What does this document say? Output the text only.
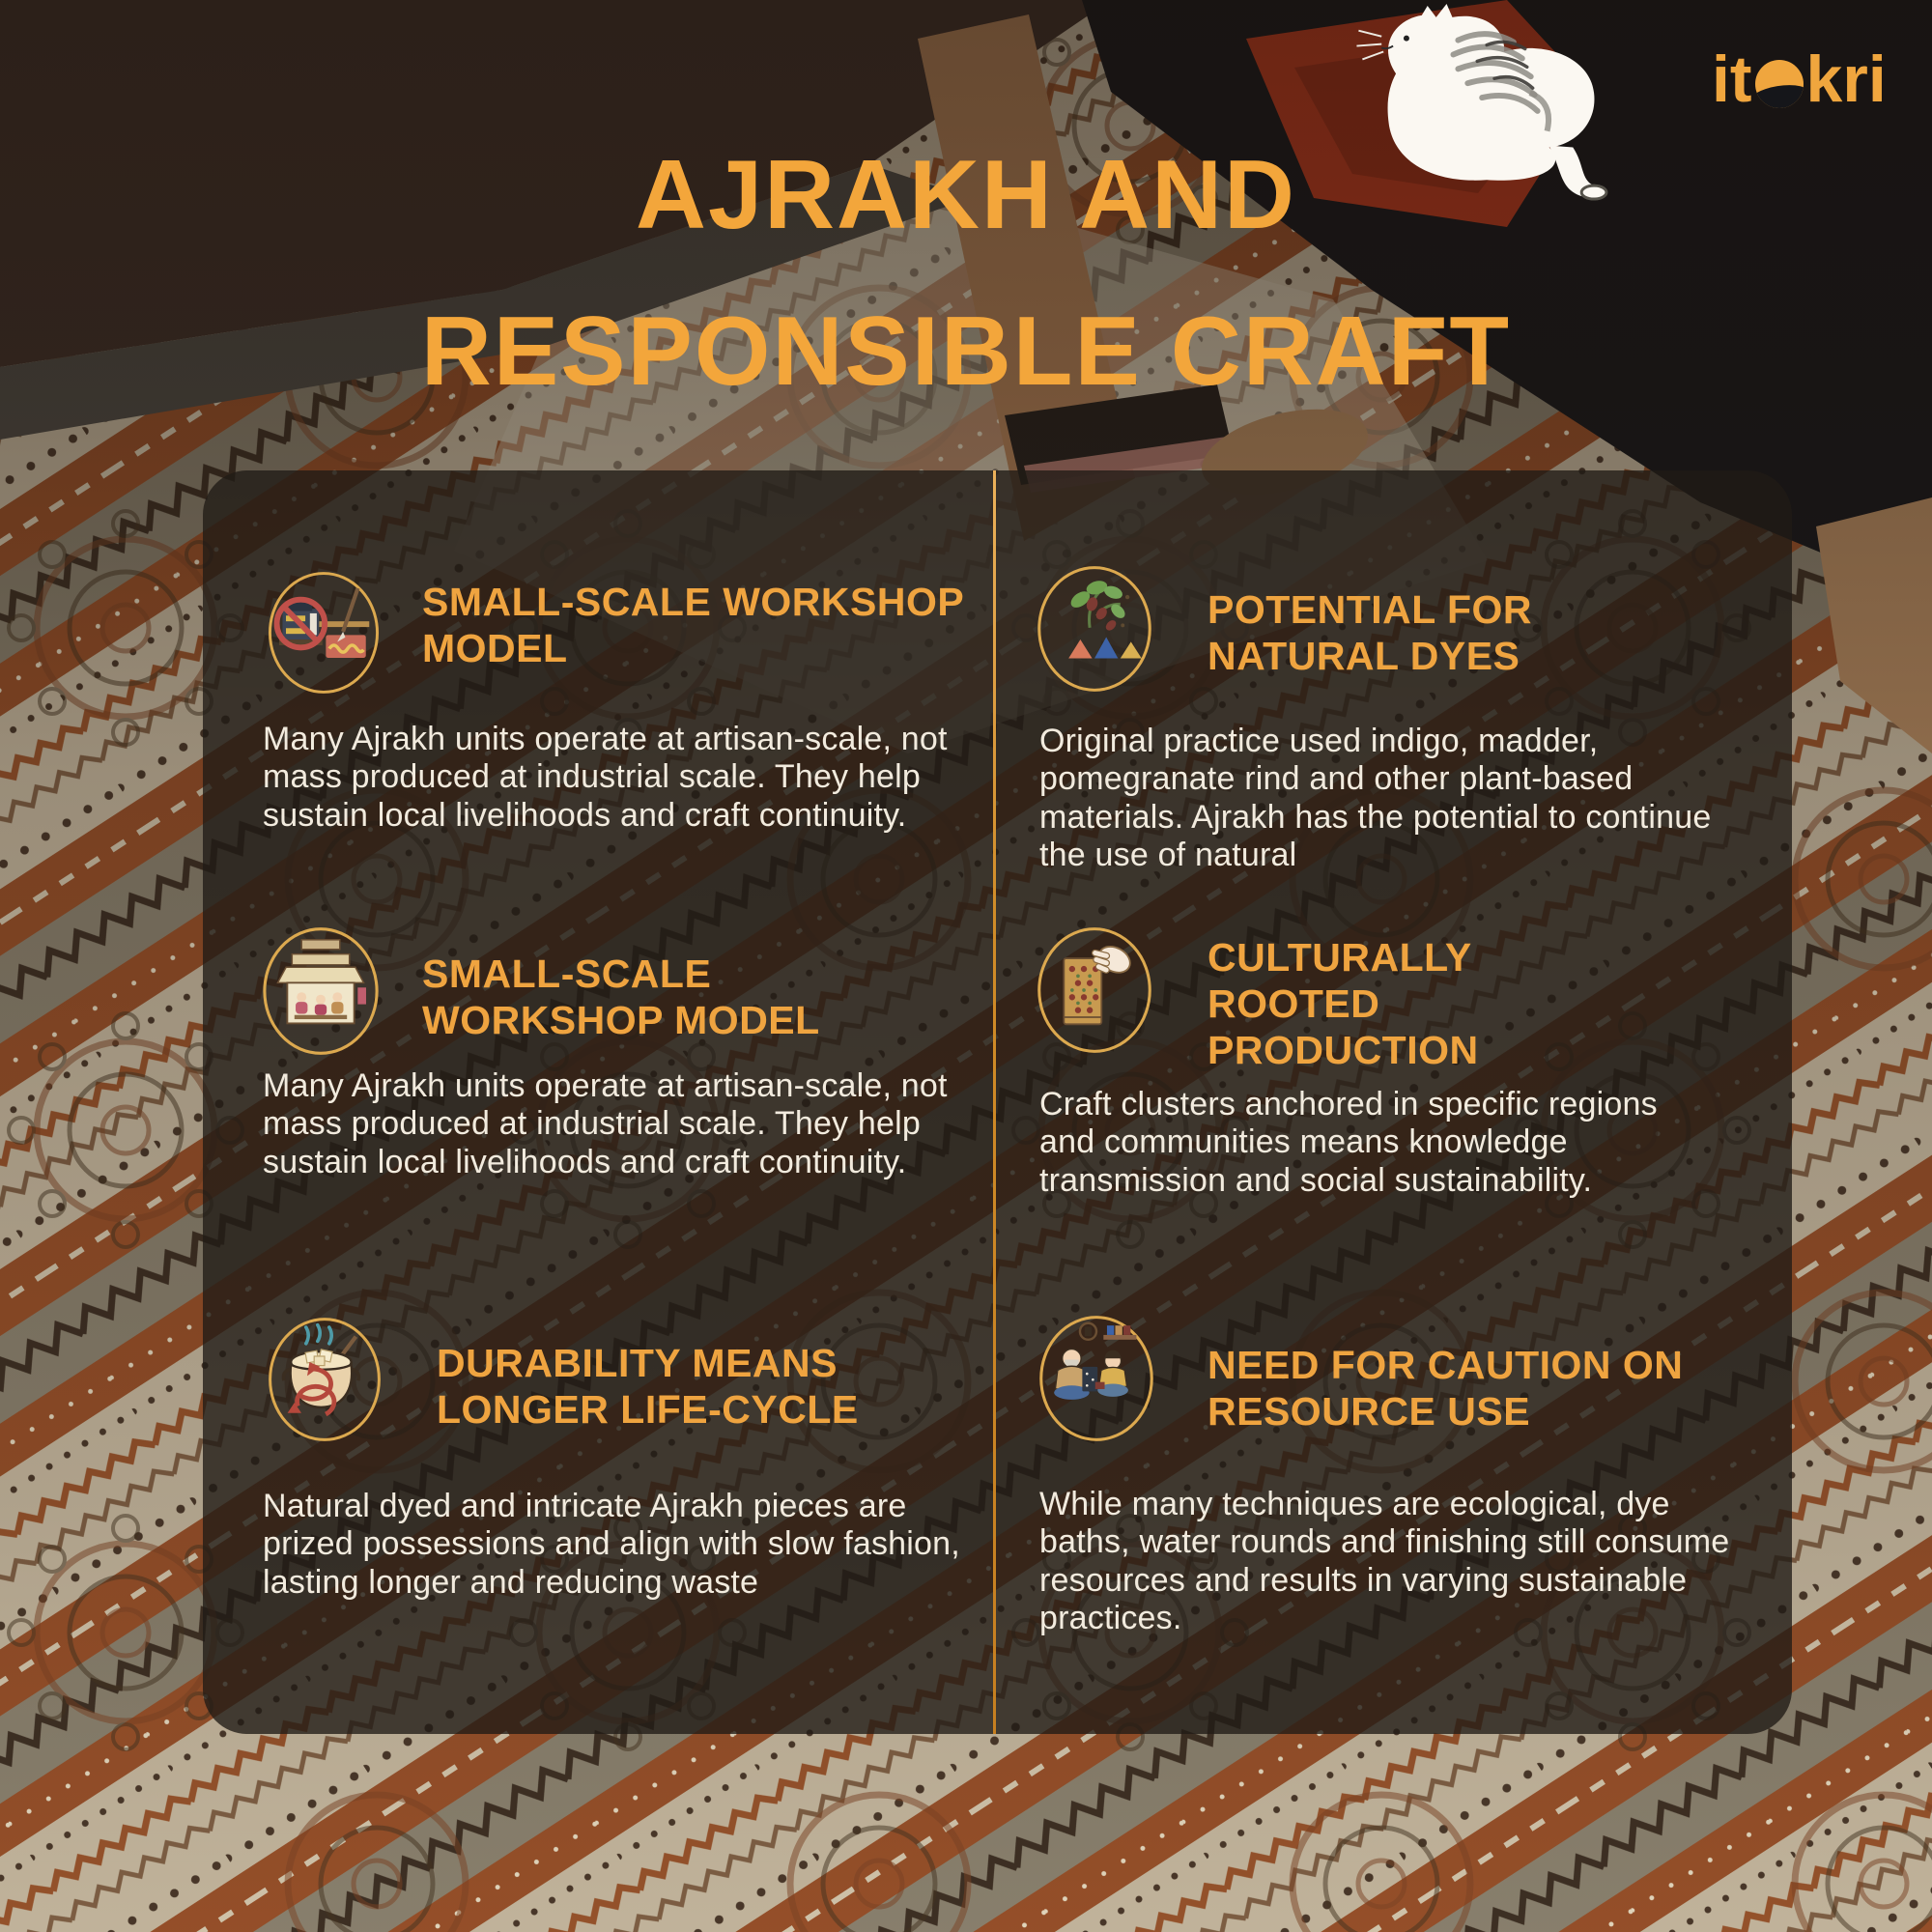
it kri
AJRAKH AND
RESPONSIBLE CRAFT
SMALL-SCALE WORKSHOP MODEL
Many Ajrakh units operate at artisan-scale, not mass produced at industrial scale. They help sustain local livelihoods and craft continuity.
SMALL-SCALE WORKSHOP MODEL
Many Ajrakh units operate at artisan-scale, not mass produced at industrial scale. They help sustain local livelihoods and craft continuity.
DURABILITY MEANS LONGER LIFE-CYCLE
Natural dyed and intricate Ajrakh pieces are prized possessions and align with slow fashion, lasting longer and reducing waste
POTENTIAL FOR NATURAL DYES
Original practice used indigo, madder, pomegranate rind and other plant-based materials. Ajrakh has the potential to continue the use of natural
CULTURALLY ROOTED PRODUCTION
Craft clusters anchored in specific regions and communities means knowledge transmission and social sustainability.
NEED FOR CAUTION ON RESOURCE USE
While many techniques are ecological, dye baths, water rounds and finishing still consume resources and results in varying sustainable practices.
